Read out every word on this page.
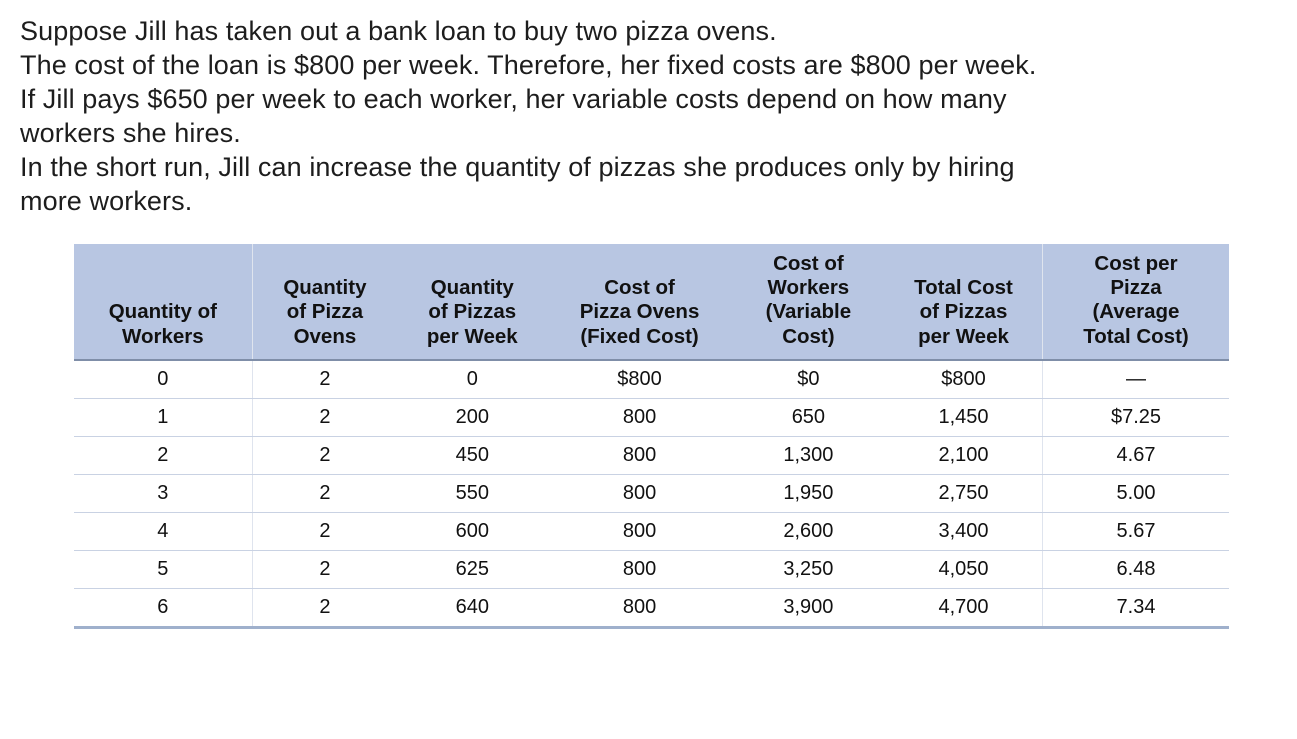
Suppose Jill has taken out a bank loan to buy two pizza ovens.

The cost of the loan is $800 per week. Therefore, her fixed costs are $800 per week.

If Jill pays $650 per week to each worker, her variable costs depend on how many

workers she hires.

In the short run, Jill can increase the quantity of pizzas she produces only by hiring

more workers.

Quantity of
Workers	Quantity
of Pizza
Ovens	Quantity
of Pizzas
per Week	Cost of
Pizza Ovens
(Fixed Cost)	Cost of
Workers
(Variable
Cost)	Total Cost
of Pizzas
per Week	Cost per
Pizza
(Average
Total Cost)
0	2	0	$800	$0	$800	—
1	2	200	800	650	1,450	$7.25
2	2	450	800	1,300	2,100	4.67
3	2	550	800	1,950	2,750	5.00
4	2	600	800	2,600	3,400	5.67
5	2	625	800	3,250	4,050	6.48
6	2	640	800	3,900	4,700	7.34
